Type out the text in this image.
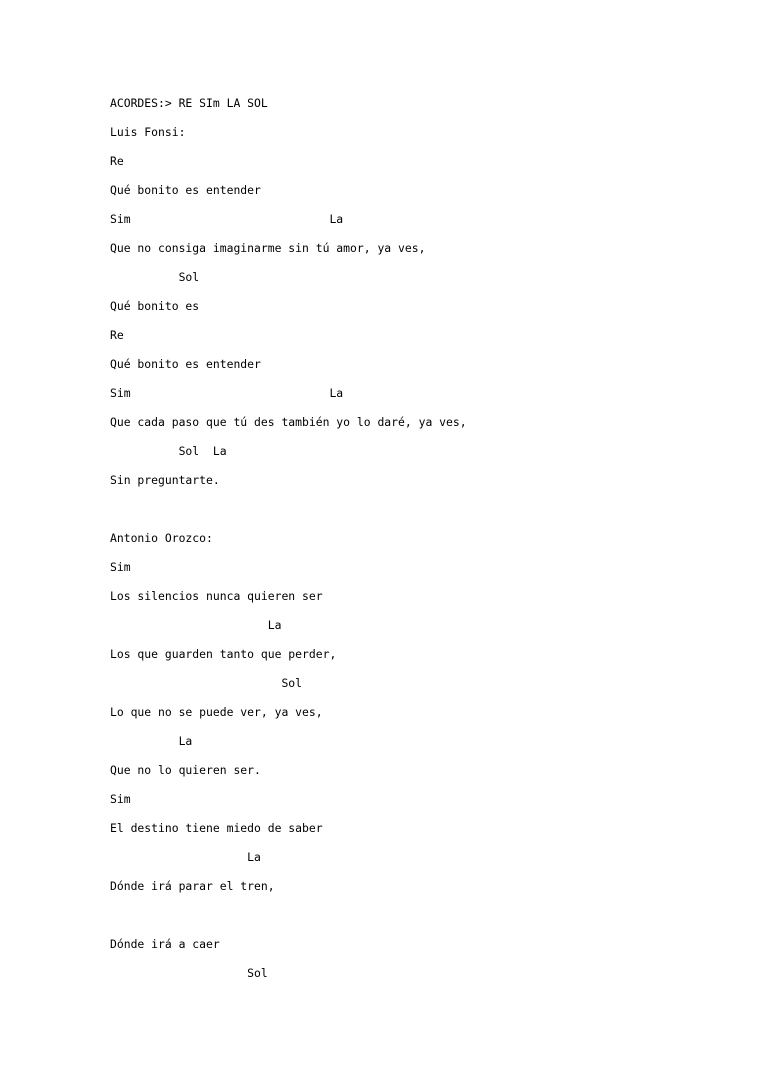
ACORDES:> RE SIm LA SOL

Luis Fonsi:

Re

Qué bonito es entender

Sim                             La

Que no consiga imaginarme sin tú amor, ya ves,

Sol

Qué bonito es

Re

Qué bonito es entender

Sim                             La

Que cada paso que tú des también yo lo daré, ya ves,

Sol  La

Sin preguntarte.

Antonio Orozco:

Sim

Los silencios nunca quieren ser

La

Los que guarden tanto que perder,

Sol

Lo que no se puede ver, ya ves,

La

Que no lo quieren ser.

Sim

El destino tiene miedo de saber

La

Dónde irá parar el tren,

Dónde irá a caer

Sol
